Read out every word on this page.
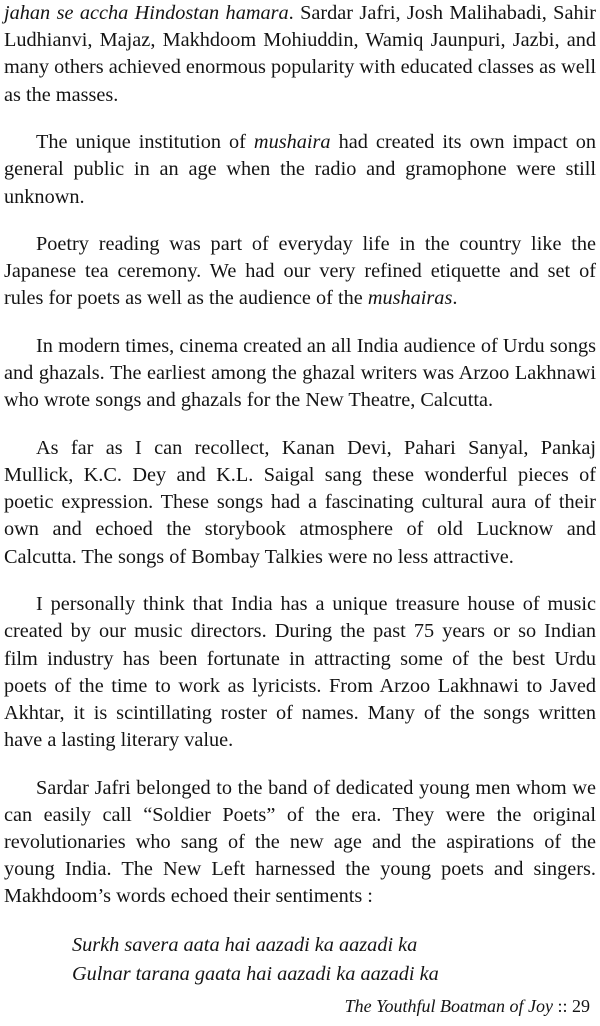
jahan se accha Hindostan hamara. Sardar Jafri, Josh Malihabadi, Sahir Ludhianvi, Majaz, Makhdoom Mohiuddin, Wamiq Jaunpuri, Jazbi, and many others achieved enormous popularity with educated classes as well as the masses.

The unique institution of mushaira had created its own impact on general public in an age when the radio and gramophone were still unknown.

Poetry reading was part of everyday life in the country like the Japanese tea ceremony. We had our very refined etiquette and set of rules for poets as well as the audience of the mushairas.

In modern times, cinema created an all India audience of Urdu songs and ghazals. The earliest among the ghazal writers was Arzoo Lakhnawi who wrote songs and ghazals for the New Theatre, Calcutta.

As far as I can recollect, Kanan Devi, Pahari Sanyal, Pankaj Mullick, K.C. Dey and K.L. Saigal sang these wonderful pieces of poetic expression. These songs had a fascinating cultural aura of their own and echoed the storybook atmosphere of old Lucknow and Calcutta. The songs of Bombay Talkies were no less attractive.

I personally think that India has a unique treasure house of music created by our music directors. During the past 75 years or so Indian film industry has been fortunate in attracting some of the best Urdu poets of the time to work as lyricists. From Arzoo Lakhnawi to Javed Akhtar, it is scintillating roster of names. Many of the songs written have a lasting literary value.

Sardar Jafri belonged to the band of dedicated young men whom we can easily call “Soldier Poets” of the era. They were the original revolutionaries who sang of the new age and the aspirations of the young India. The New Left harnessed the young poets and singers. Makhdoom’s words echoed their sentiments :

Surkh savera aata hai aazadi ka aazadi ka
Gulnar tarana gaata hai aazadi ka aazadi ka
The Youthful Boatman of Joy :: 29
